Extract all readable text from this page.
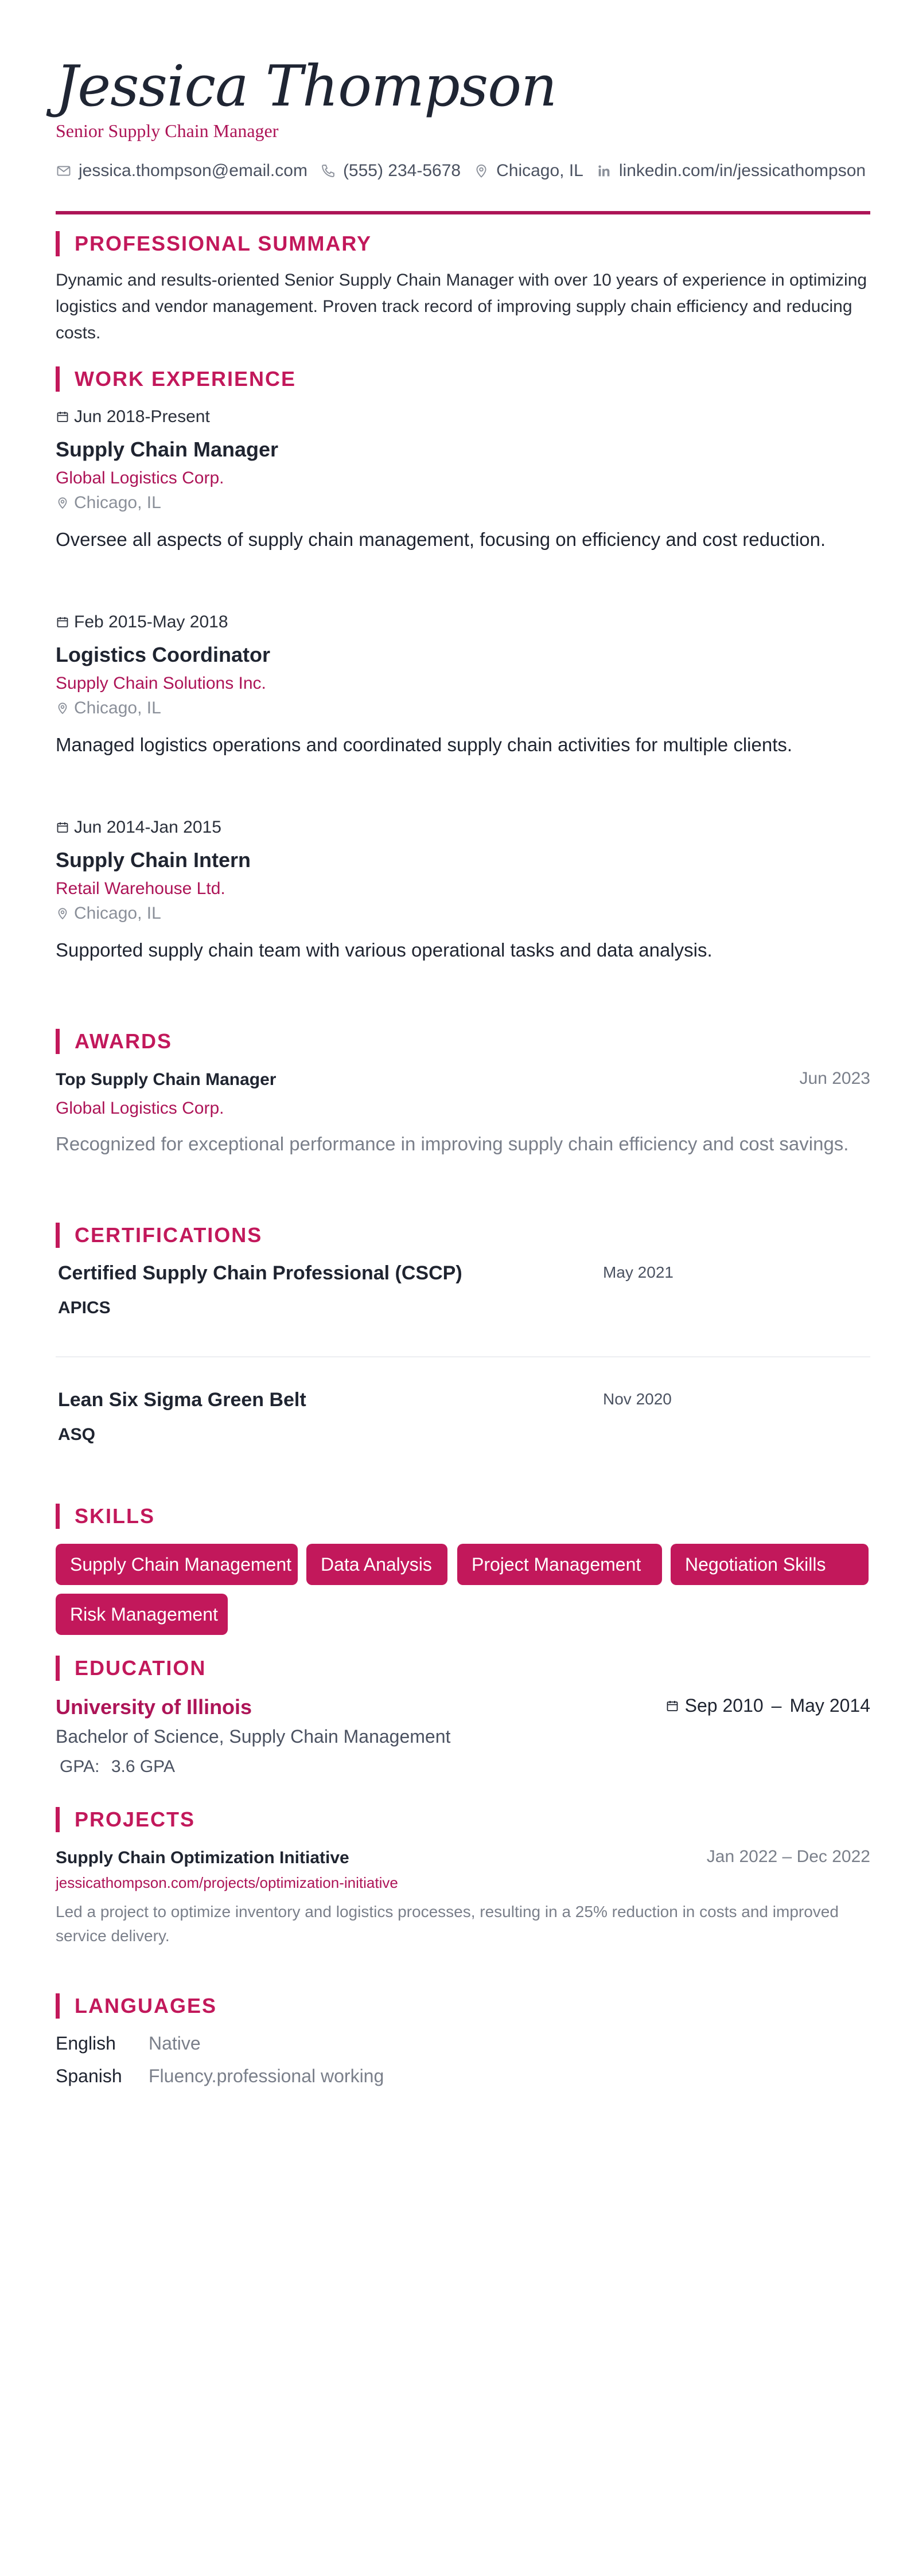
Jessica Thompson
Senior Supply Chain Manager
jessica.thompson@email.com (555) 234-5678 Chicago, IL linkedin.com/in/jessicathompson
PROFESSIONAL SUMMARY
Dynamic and results-oriented Senior Supply Chain Manager with over 10 years of experience in optimizing logistics and vendor management. Proven track record of improving supply chain efficiency and reducing costs.
WORK EXPERIENCE
Jun 2018-Present
Supply Chain Manager
Global Logistics Corp.
Chicago, IL
Oversee all aspects of supply chain management, focusing on efficiency and cost reduction.
Feb 2015-May 2018
Logistics Coordinator
Supply Chain Solutions Inc.
Chicago, IL
Managed logistics operations and coordinated supply chain activities for multiple clients.
Jun 2014-Jan 2015
Supply Chain Intern
Retail Warehouse Ltd.
Chicago, IL
Supported supply chain team with various operational tasks and data analysis.
AWARDS
Top Supply Chain Manager	Jun 2023
Global Logistics Corp.
Recognized for exceptional performance in improving supply chain efficiency and cost savings.
CERTIFICATIONS
Certified Supply Chain Professional (CSCP)	May 2021
APICS
Lean Six Sigma Green Belt	Nov 2020
ASQ
SKILLS
Supply Chain Management	Data Analysis	Project Management	Negotiation Skills
Risk Management
EDUCATION
University of Illinois	Sep 2010 – May 2014
Bachelor of Science, Supply Chain Management
GPA: 3.6 GPA
PROJECTS
Supply Chain Optimization Initiative	Jan 2022 – Dec 2022
jessicathompson.com/projects/optimization-initiative
Led a project to optimize inventory and logistics processes, resulting in a 25% reduction in costs and improved service delivery.
LANGUAGES
English Native
Spanish Fluency.professional working
